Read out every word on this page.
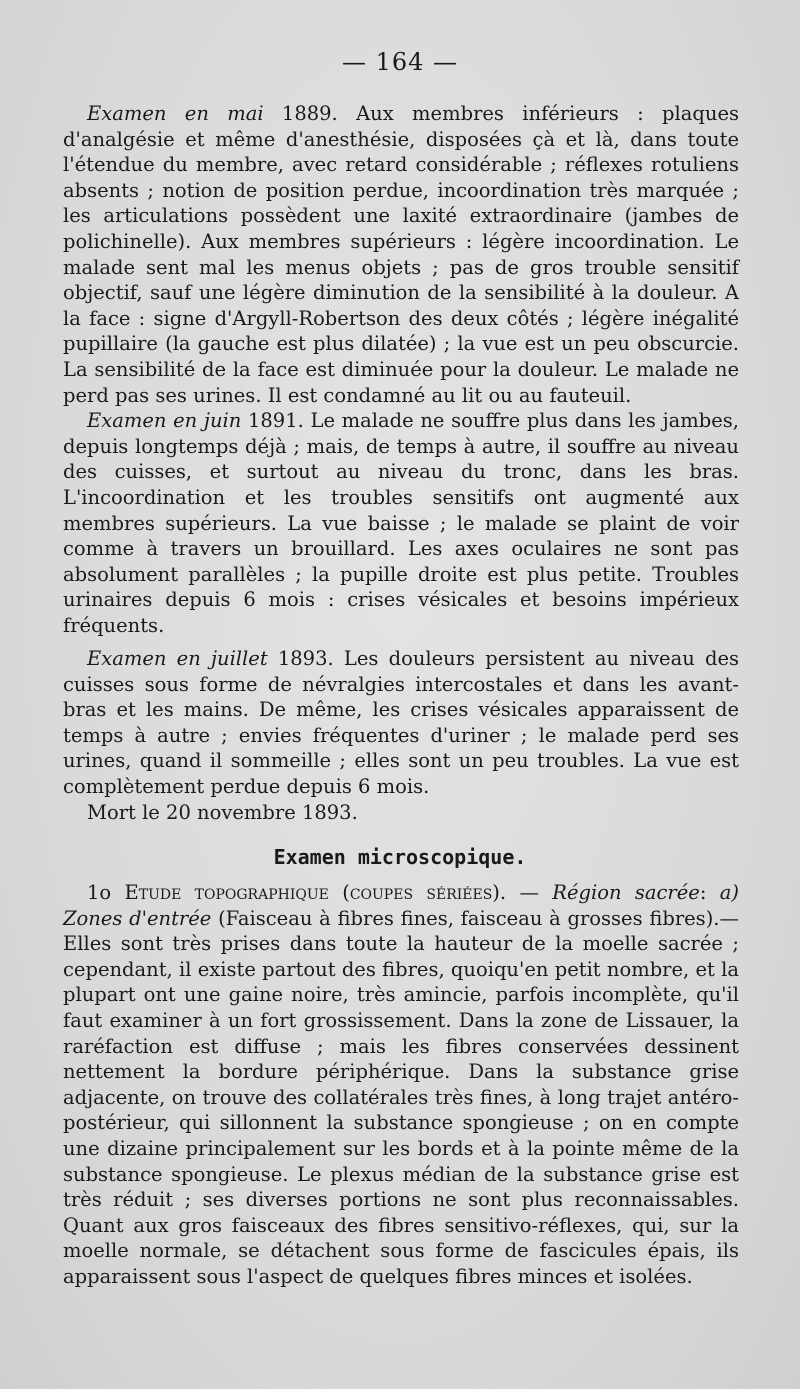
— 164 —

Examen en mai 1889. Aux membres inférieurs : plaques d'analgésie et même d'anesthésie, disposées çà et là, dans toute l'étendue du membre, avec retard considérable ; réflexes rotuliens absents ; notion de position perdue, incoordination très marquée ; les articulations possèdent une laxité extraordinaire (jambes de polichinelle). Aux membres supérieurs : légère incoordination. Le malade sent mal les menus objets ; pas de gros trouble sensitif objectif, sauf une légère diminution de la sensibilité à la douleur. A la face : signe d'Argyll-Robertson des deux côtés ; légère inégalité pupillaire (la gauche est plus dilatée) ; la vue est un peu obscurcie. La sensibilité de la face est diminuée pour la douleur. Le malade ne perd pas ses urines. Il est condamné au lit ou au fauteuil.

Examen en juin 1891. Le malade ne souffre plus dans les jambes, depuis longtemps déjà ; mais, de temps à autre, il souffre au niveau des cuisses, et surtout au niveau du tronc, dans les bras. L'incoordination et les troubles sensitifs ont augmenté aux membres supérieurs. La vue baisse ; le malade se plaint de voir comme à travers un brouillard. Les axes oculaires ne sont pas absolument parallèles ; la pupille droite est plus petite. Troubles urinaires depuis 6 mois : crises vésicales et besoins impérieux fréquents.

Examen en juillet 1893. Les douleurs persistent au niveau des cuisses sous forme de névralgies intercostales et dans les avant-bras et les mains. De même, les crises vésicales apparaissent de temps à autre ; envies fréquentes d'uriner ; le malade perd ses urines, quand il sommeille ; elles sont un peu troubles. La vue est complètement perdue depuis 6 mois.

Mort le 20 novembre 1893.

Examen microscopique.

1o Etude topographique (coupes sériées). — Région sacrée: a) Zones d'entrée (Faisceau à fibres fines, faisceau à grosses fibres).— Elles sont très prises dans toute la hauteur de la moelle sacrée ; cependant, il existe partout des fibres, quoiqu'en petit nombre, et la plupart ont une gaine noire, très amincie, parfois incomplète, qu'il faut examiner à un fort grossissement. Dans la zone de Lissauer, la raréfaction est diffuse ; mais les fibres conservées dessinent nettement la bordure périphérique. Dans la substance grise adjacente, on trouve des collatérales très fines, à long trajet antéro-postérieur, qui sillonnent la substance spongieuse ; on en compte une dizaine principalement sur les bords et à la pointe même de la substance spongieuse. Le plexus médian de la substance grise est très réduit ; ses diverses portions ne sont plus reconnaissables. Quant aux gros faisceaux des fibres sensitivo-réflexes, qui, sur la moelle normale, se détachent sous forme de fascicules épais, ils apparaissent sous l'aspect de quelques fibres minces et isolées.
